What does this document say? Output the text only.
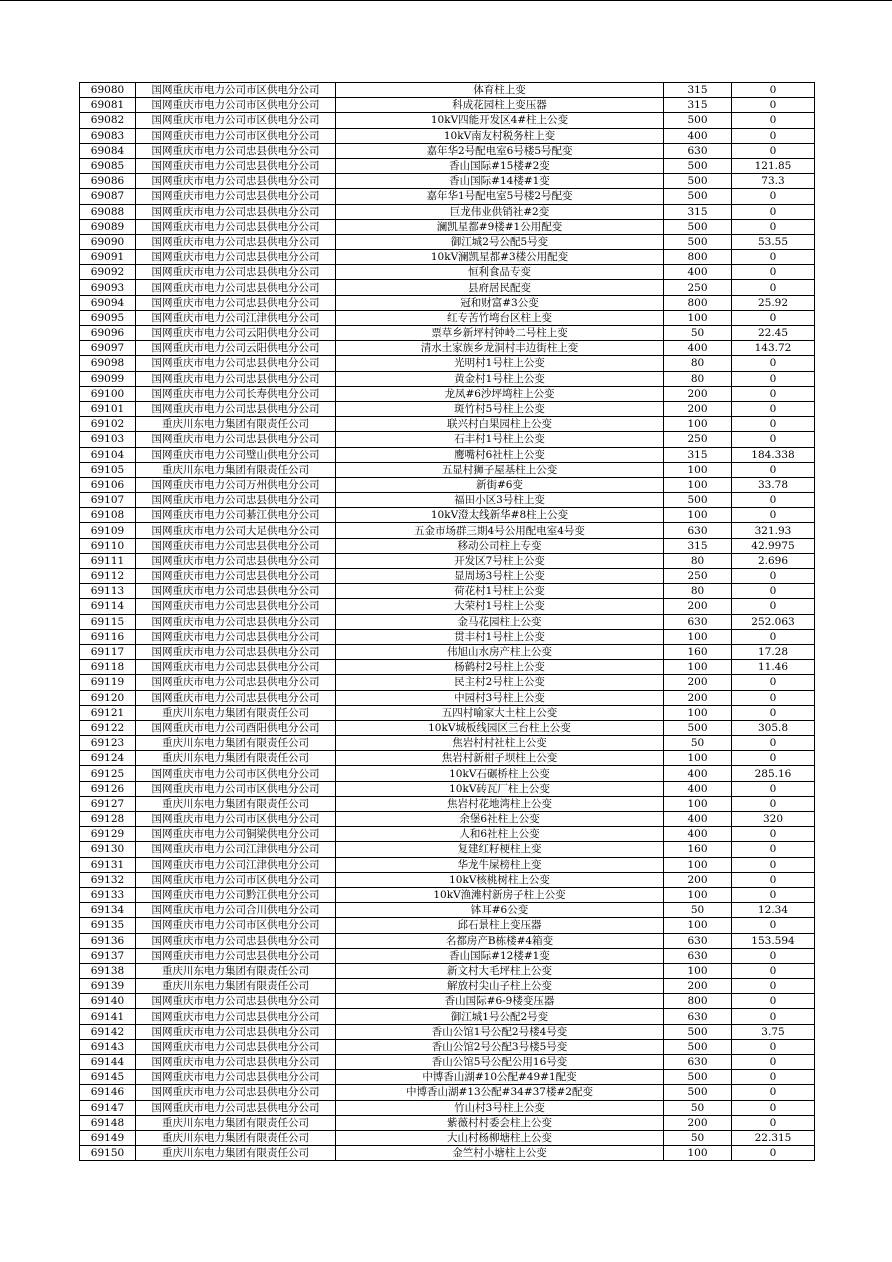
69080	国网重庆市电力公司市区供电分公司	体育柱上变	315	0
69081	国网重庆市电力公司市区供电分公司	科成花园柱上变压器	315	0
69082	国网重庆市电力公司市区供电分公司	10kV四能开发区4#柱上公变	500	0
69083	国网重庆市电力公司市区供电分公司	10kV南友村税务柱上变	400	0
69084	国网重庆市电力公司忠县供电分公司	嘉年华2号配电室6号楼5号配变	630	0
69085	国网重庆市电力公司忠县供电分公司	香山国际#15楼#2变	500	121.85
69086	国网重庆市电力公司忠县供电分公司	香山国际#14楼#1变	500	73.3
69087	国网重庆市电力公司忠县供电分公司	嘉年华1号配电室5号楼2号配变	500	0
69088	国网重庆市电力公司忠县供电分公司	巨龙伟业供销社#2变	315	0
69089	国网重庆市电力公司忠县供电分公司	澜凯星都#9楼#1公用配变	500	0
69090	国网重庆市电力公司忠县供电分公司	御江城2号公配5号变	500	53.55
69091	国网重庆市电力公司忠县供电分公司	10kV澜凯星都#3楼公用配变	800	0
69092	国网重庆市电力公司忠县供电分公司	恒利食品专变	400	0
69093	国网重庆市电力公司忠县供电分公司	县府居民配变	250	0
69094	国网重庆市电力公司忠县供电分公司	冠和财富#3公变	800	25.92
69095	国网重庆市电力公司江津供电分公司	红专苦竹塆台区柱上变	100	0
69096	国网重庆市电力公司云阳供电分公司	票草乡新坪村钟岭二号柱上变	50	22.45
69097	国网重庆市电力公司云阳供电分公司	清水土家族乡龙洞村丰边街柱上变	400	143.72
69098	国网重庆市电力公司忠县供电分公司	光明村1号柱上公变	80	0
69099	国网重庆市电力公司忠县供电分公司	黄金村1号柱上公变	80	0
69100	国网重庆市电力公司长寿供电分公司	龙凤#6沙坪塆柱上公变	200	0
69101	国网重庆市电力公司忠县供电分公司	斑竹村5号柱上公变	200	0
69102	重庆川东电力集团有限责任公司	联兴村白果园柱上公变	100	0
69103	国网重庆市电力公司忠县供电分公司	石丰村1号柱上公变	250	0
69104	国网重庆市电力公司璧山供电分公司	鹰嘴村6社柱上公变	315	184.338
69105	重庆川东电力集团有限责任公司	五显村狮子屋基柱上公变	100	0
69106	国网重庆市电力公司万州供电分公司	新街#6变	100	33.78
69107	国网重庆市电力公司忠县供电分公司	福田小区3号柱上变	500	0
69108	国网重庆市电力公司綦江供电分公司	10kV澄太线新华#8柱上公变	100	0
69109	国网重庆市电力公司大足供电分公司	五金市场群三期4号公用配电室4号变	630	321.93
69110	国网重庆市电力公司忠县供电分公司	移动公司柱上专变	315	42.9975
69111	国网重庆市电力公司忠县供电分公司	开发区7号柱上公变	80	2.696
69112	国网重庆市电力公司忠县供电分公司	显周场3号柱上公变	250	0
69113	国网重庆市电力公司忠县供电分公司	荷花村1号柱上公变	80	0
69114	国网重庆市电力公司忠县供电分公司	大荣村1号柱上公变	200	0
69115	国网重庆市电力公司忠县供电分公司	金马花园柱上公变	630	252.063
69116	国网重庆市电力公司忠县供电分公司	贯丰村1号柱上公变	100	0
69117	国网重庆市电力公司忠县供电分公司	伟旭山水房产柱上公变	160	17.28
69118	国网重庆市电力公司忠县供电分公司	杨鹤村2号柱上公变	100	11.46
69119	国网重庆市电力公司忠县供电分公司	民主村2号柱上公变	200	0
69120	国网重庆市电力公司忠县供电分公司	中园村3号柱上公变	200	0
69121	重庆川东电力集团有限责任公司	五四村喻家大土柱上公变	100	0
69122	国网重庆市电力公司酉阳供电分公司	10kV城板线园区三台柱上公变	500	305.8
69123	重庆川东电力集团有限责任公司	焦岩村村社柱上公变	50	0
69124	重庆川东电力集团有限责任公司	焦岩村新柑子坝柱上公变	100	0
69125	国网重庆市电力公司市区供电分公司	10kV石碾桥柱上公变	400	285.16
69126	国网重庆市电力公司市区供电分公司	10kV砖瓦厂柱上公变	400	0
69127	重庆川东电力集团有限责任公司	焦岩村花地湾柱上公变	100	0
69128	国网重庆市电力公司市区供电分公司	余堡6社柱上公变	400	320
69129	国网重庆市电力公司铜梁供电分公司	人和6社柱上公变	400	0
69130	国网重庆市电力公司江津供电分公司	复建红籽梗柱上变	160	0
69131	国网重庆市电力公司江津供电分公司	华龙牛屎榜柱上变	100	0
69132	国网重庆市电力公司市区供电分公司	10kV核桃树柱上公变	200	0
69133	国网重庆市电力公司黔江供电分公司	10kV渔滩村新房子柱上公变	100	0
69134	国网重庆市电力公司合川供电分公司	钵耳#6公变	50	12.34
69135	国网重庆市电力公司市区供电分公司	邱石景柱上变压器	100	0
69136	国网重庆市电力公司忠县供电分公司	名都房产B栋楼#4箱变	630	153.594
69137	国网重庆市电力公司忠县供电分公司	香山国际#12楼#1变	630	0
69138	重庆川东电力集团有限责任公司	新文村大毛坪柱上公变	100	0
69139	重庆川东电力集团有限责任公司	解放村尖山子柱上公变	200	0
69140	国网重庆市电力公司忠县供电分公司	香山国际#6-9楼变压器	800	0
69141	国网重庆市电力公司忠县供电分公司	御江城1号公配2号变	630	0
69142	国网重庆市电力公司忠县供电分公司	香山公馆1号公配2号楼4号变	500	3.75
69143	国网重庆市电力公司忠县供电分公司	香山公馆2号公配3号楼5号变	500	0
69144	国网重庆市电力公司忠县供电分公司	香山公馆5号公配公用16号变	630	0
69145	国网重庆市电力公司忠县供电分公司	中博香山湖#10公配#49#1配变	500	0
69146	国网重庆市电力公司忠县供电分公司	中博香山湖#13公配#34#37楼#2配变	500	0
69147	国网重庆市电力公司忠县供电分公司	竹山村3号柱上公变	50	0
69148	重庆川东电力集团有限责任公司	紫薇村村委会柱上公变	200	0
69149	重庆川东电力集团有限责任公司	大山村杨柳塘柱上公变	50	22.315
69150	重庆川东电力集团有限责任公司	金竺村小塘柱上公变	100	0
